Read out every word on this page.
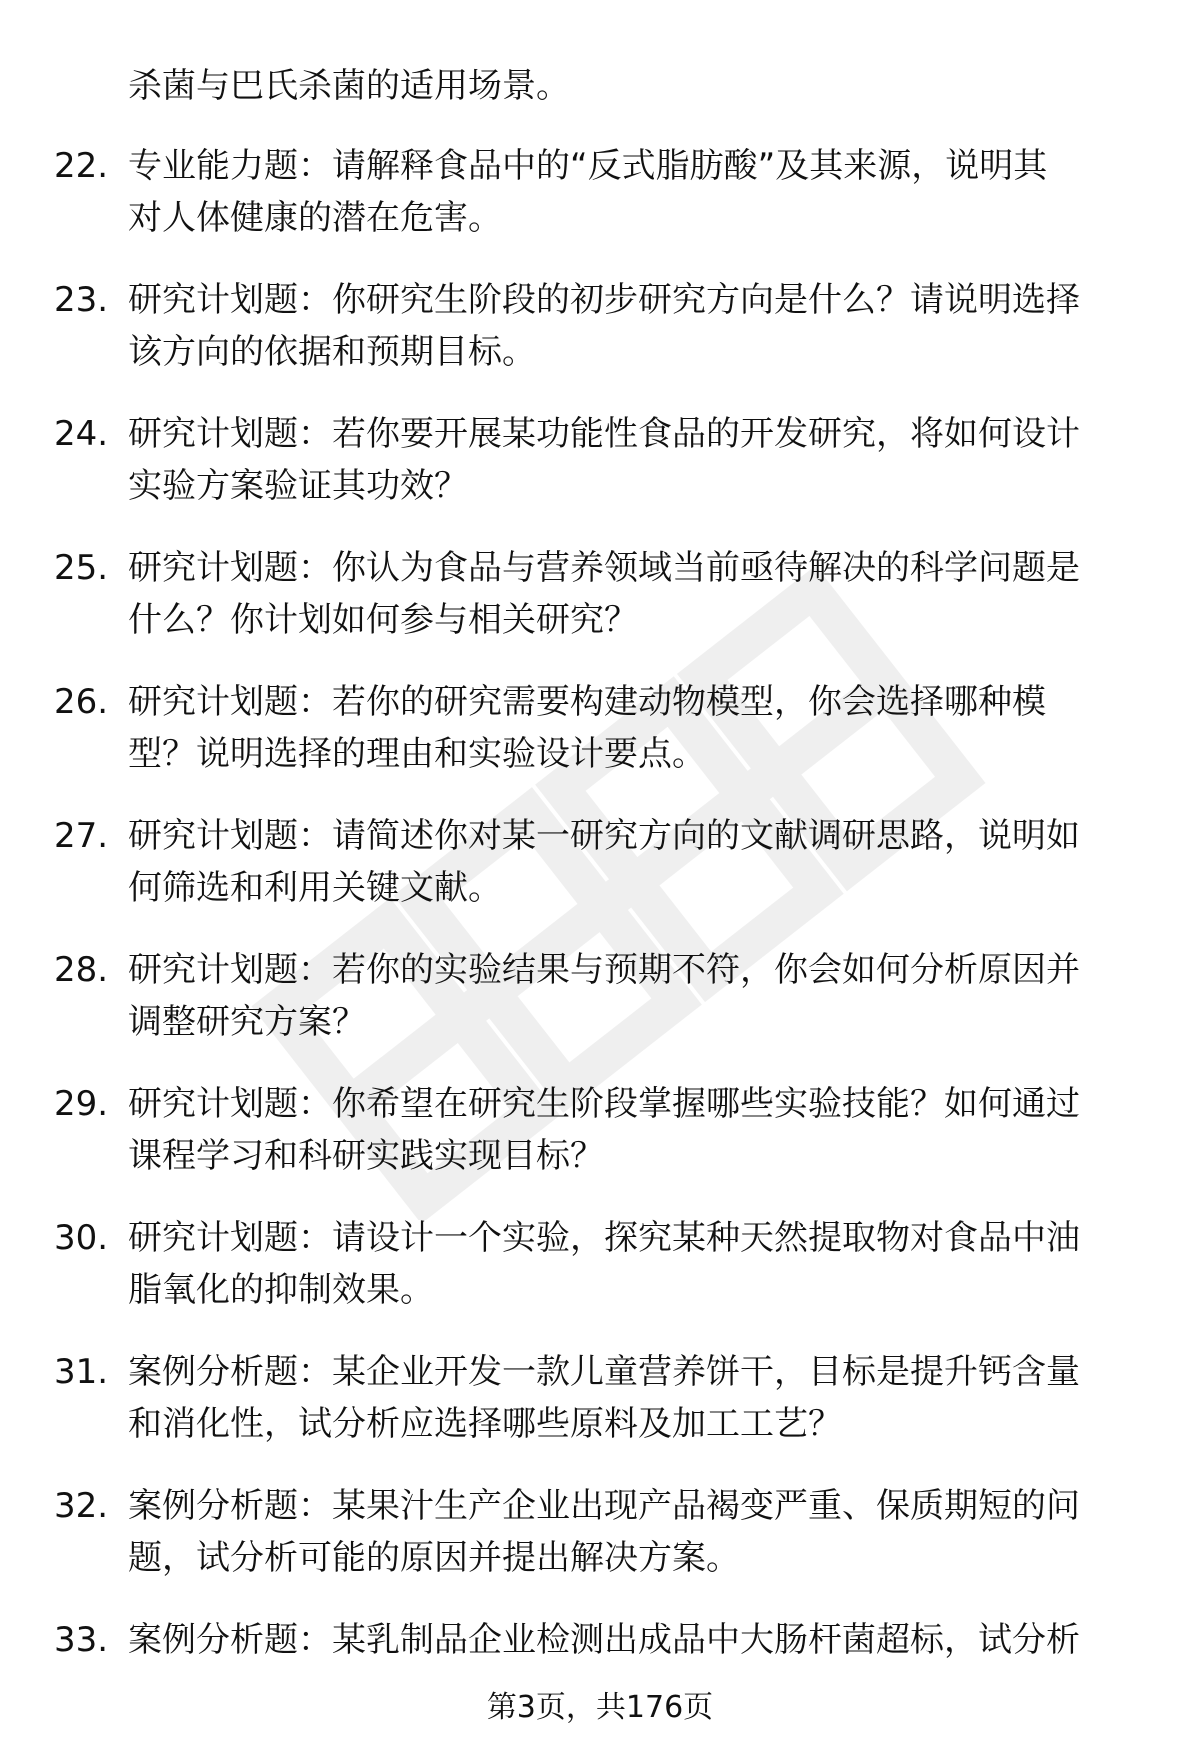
杀菌与巴氏杀菌的适用场景。
22. 专业能力题：请解释食品中的“反式脂肪酸”及其来源，说明其
对人体健康的潜在危害。
23. 研究计划题：你研究生阶段的初步研究方向是什么？请说明选择
该方向的依据和预期目标。
24. 研究计划题：若你要开展某功能性食品的开发研究，将如何设计
实验方案验证其功效？
25. 研究计划题：你认为食品与营养领域当前亟待解决的科学问题是
什么？你计划如何参与相关研究？
26. 研究计划题：若你的研究需要构建动物模型，你会选择哪种模
型？说明选择的理由和实验设计要点。
27. 研究计划题：请简述你对某一研究方向的文献调研思路，说明如
何筛选和利用关键文献。
28. 研究计划题：若你的实验结果与预期不符，你会如何分析原因并
调整研究方案？
29. 研究计划题：你希望在研究生阶段掌握哪些实验技能？如何通过
课程学习和科研实践实现目标？
30. 研究计划题：请设计一个实验，探究某种天然提取物对食品中油
脂氧化的抑制效果。
31. 案例分析题：某企业开发一款儿童营养饼干，目标是提升钙含量
和消化性，试分析应选择哪些原料及加工工艺？
32. 案例分析题：某果汁生产企业出现产品褐变严重、保质期短的问
题，试分析可能的原因并提出解决方案。
33. 案例分析题：某乳制品企业检测出成品中大肠杆菌超标，试分析
第3页，共176页
